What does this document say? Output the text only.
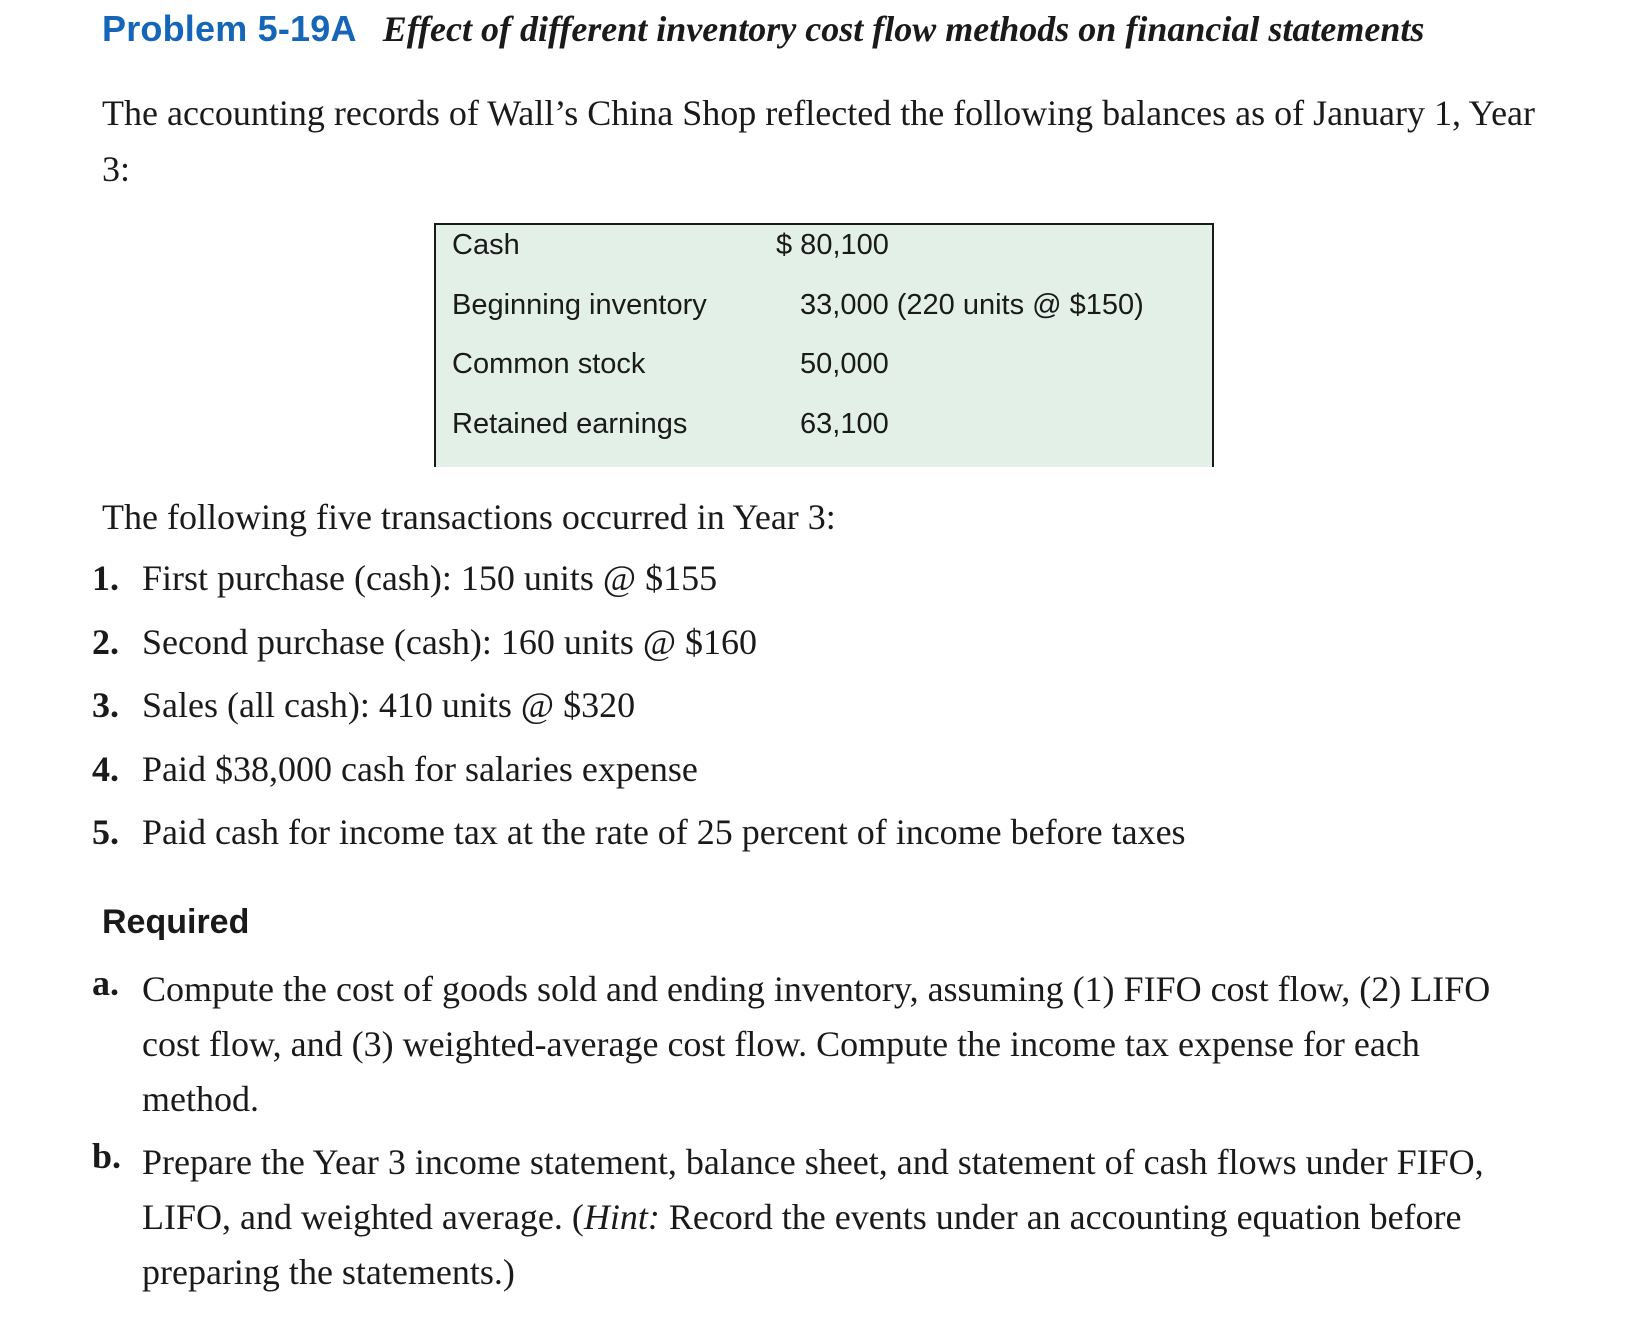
Problem 5-19A Effect of different inventory cost flow methods on financial statements

The accounting records of Wall’s China Shop reflected the following balances as of January 1, Year 3:

Cash	$ 80,100
Beginning inventory	33,000 (220 units @ $150)
Common stock	50,000
Retained earnings	63,100

The following five transactions occurred in Year 3:

1. First purchase (cash): 150 units @ $155
2. Second purchase (cash): 160 units @ $160
3. Sales (all cash): 410 units @ $320
4. Paid $38,000 cash for salaries expense
5. Paid cash for income tax at the rate of 25 percent of income before taxes

Required

a. Compute the cost of goods sold and ending inventory, assuming (1) FIFO cost flow, (2) LIFO cost flow, and (3) weighted-average cost flow. Compute the income tax expense for each method.

b. Prepare the Year 3 income statement, balance sheet, and statement of cash flows under FIFO, LIFO, and weighted average. (Hint: Record the events under an accounting equation before preparing the statements.)
